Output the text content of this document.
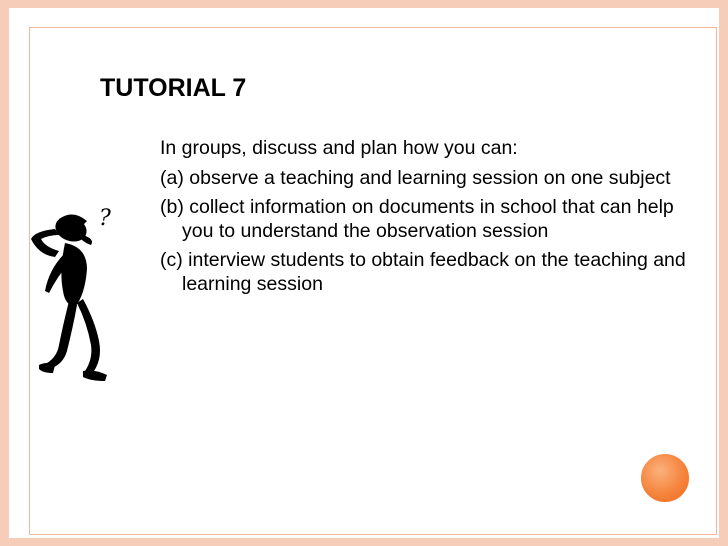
TUTORIAL 7
In groups, discuss and plan how you can:
(a) observe a teaching and learning session on one subject
(b) collect information on documents in school that can help you to understand the observation session
(c) interview students to obtain feedback on the teaching and learning session
?
